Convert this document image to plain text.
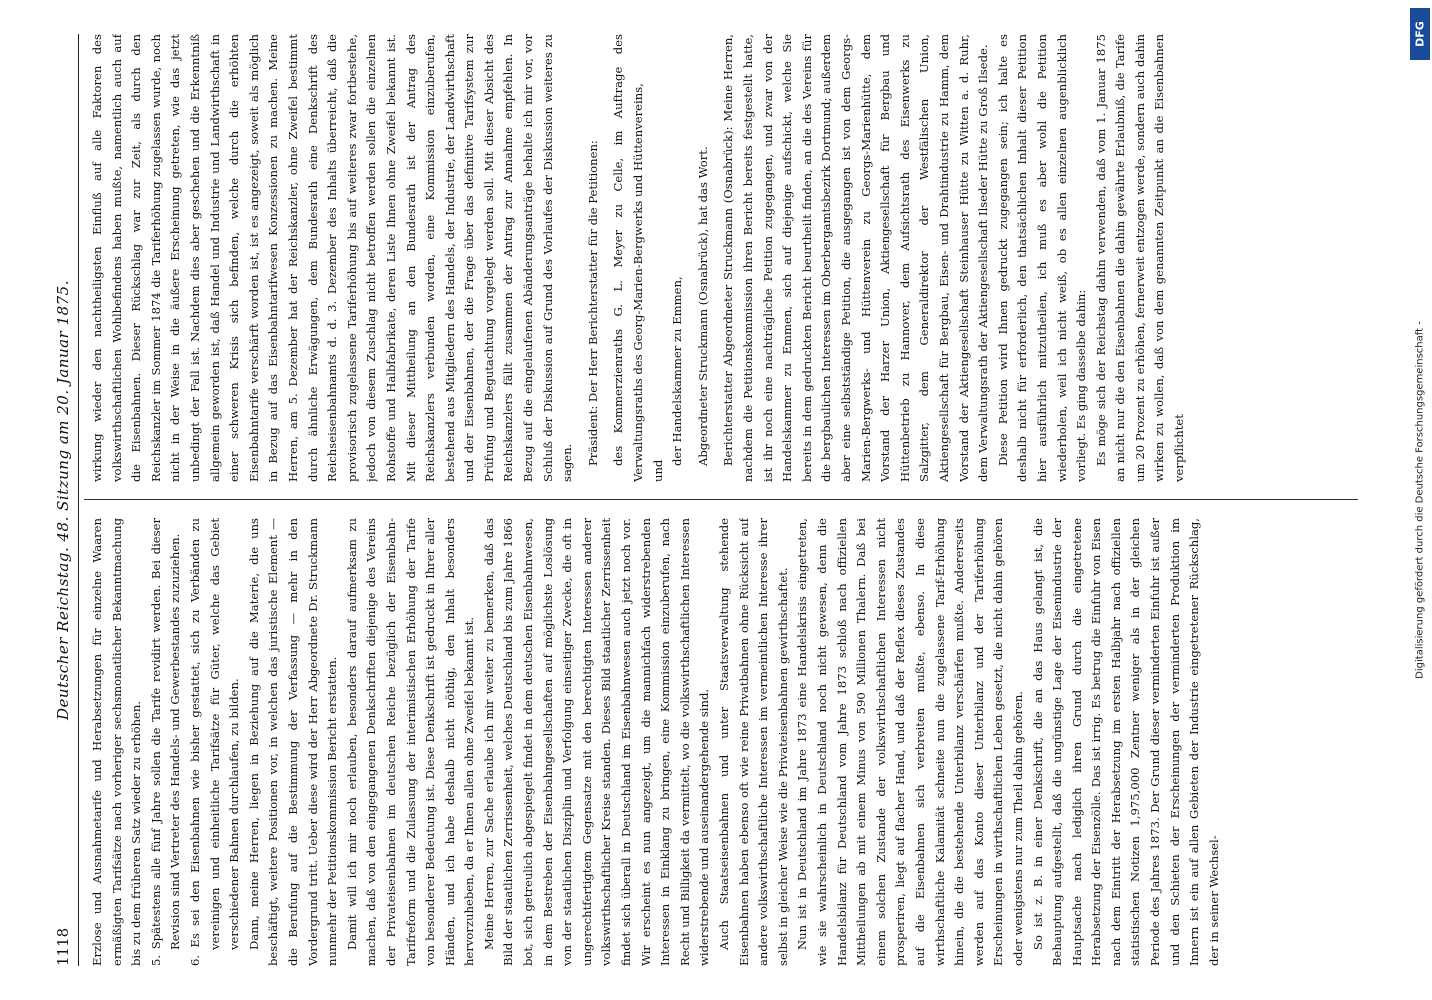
1118
Deutscher Reichstag. 48. Sitzung am 20. Januar 1875.

Erzlose und Ausnahmetarife und Herabsetzungen für einzelne Waaren ermäßigten Tarifsätze nach vorheriger sechsmonatlicher Bekanntmachung bis zu dem früheren Satz wieder zu erhöhen. 5. Spätestens alle fünf Jahre sollen die Tarife revidirt werden. Bei dieser Revision sind Vertreter des Handels- und Gewerbestandes zuzuziehen. 6. Es sei den Eisenbahnen wie bisher gestattet, sich zu Verbänden zu vereinigen und einheitliche Tarifsätze für Güter, welche das Gebiet verschiedener Bahnen durchlaufen, zu bilden. Dann, meine Herren, liegen in Beziehung auf die Materie, die uns beschäftigt, weitere Positionen vor, in welchen das juristische Element — die Berufung auf die Bestimmung der Verfassung — mehr in den Vordergrund tritt. Ueber diese wird der Herr Abgeordnete Dr. Struckmann nunmehr der Petitionskommission Bericht erstatten. Damit will ich mir noch erlauben, besonders darauf aufmerksam zu machen, daß von den eingegangenen Denkschriften diejenige des Vereins der Privateisenbahnen im deutschen Reiche bezüglich der Eisenbahn-Tarifreform und die Zulassung der interimistischen Erhöhung der Tarife von besonderer Bedeutung ist. Diese Denkschrift ist gedruckt in Ihrer aller Händen, und ich habe deshalb nicht nöthig, den Inhalt besonders hervorzuheben, da er Ihnen allen ohne Zweifel bekannt ist. Meine Herren, zur Sache erlaube ich mir weiter zu bemerken, daß das Bild der staatlichen Zerrissenheit, welches Deutschland bis zum Jahre 1866 bot, sich getreulich abgespiegelt findet in dem deutschen Eisenbahnwesen, in dem Bestreben der Eisenbahngesellschaften auf möglichste Loslösung von der staatlichen Disziplin und Verfolgung einseitiger Zwecke, die oft in ungerechtfertigtem Gegensatze mit den berechtigten Interessen anderer volkswirthschaftlicher Kreise standen. Dieses Bild staatlicher Zerrissenheit findet sich überall in Deutschland im Eisenbahnwesen auch jetzt noch vor. Wir erscheint es nun angezeigt, um die mannichfach widerstrebenden Interessen in Einklang zu bringen, eine Kommission einzuberufen, nach Recht und Billigkeit da vermittelt, wo die volkswirthschaftlichen Interessen widerstrebende und auseinandergehende sind. Auch Staatseisenbahnen und unter Staatsverwaltung stehende Eisenbahnen haben ebenso oft wie reine Privatbahnen ohne Rücksicht auf andere volkswirthschaftliche Interessen im vermeintlichen Interesse ihrer selbst in gleicher Weise wie die Privateisenbahnen gewirthschaftet. Nun ist in Deutschland im Jahre 1873 eine Handelskrisis eingetreten, wie sie wahrscheinlich in Deutschland noch nicht gewesen, denn die Handelsbilanz für Deutschland vom Jahre 1873 schloß nach offiziellen Mittheilungen ab mit einem Minus von 590 Millionen Thalern. Daß bei einem solchen Zustande der volkswirthschaftlichen Interessen nicht prosperiren, liegt auf flacher Hand, und daß der Reflex dieses Zustandes auf die Eisenbahnen sich verbreiten mußte, ebenso. In diese wirthschaftliche Kalamität schneite nun die zugelassene Tarif-Erhöhung hinein, die die bestehende Unterbilanz verschärfen mußte. Andererseits werden auf das Konto dieser Unterbilanz und der Tariferhöhung Erscheinungen in wirthschaftlichen Leben gesetzt, die nicht dahin gehören oder wenigstens nur zum Theil dahin gehören. So ist z. B. in einer Denkschrift, die an das Haus gelangt ist, die Behauptung aufgestellt, daß die ungünstige Lage der Eisenindustrie der Hauptsache nach lediglich ihren Grund durch die eingetretene Herabsetzung der Eisenzölle. Das ist irrig. Es betrug die Einfuhr von Eisen nach dem Eintritt der Herabsetzung im ersten Halbjahr nach offiziellen statistischen Notizen 1,975,000 Zentner weniger als in der gleichen Periode des Jahres 1873. Der Grund dieser verminderten Einfuhr ist außer und den Schieten der Erscheinungen der verminderten Produktion im Innern ist ein auf allen Gebieten der Industrie eingetretener Rückschlag, der in seiner Wechsel-

wirkung wieder den nachtheiligsten Einfluß auf alle Faktoren des volkswirthschaftlichen Wohlbefindens haben mußte, namentlich auch auf die Eisenbahnen. Dieser Rückschlag war zur Zeit, als durch den Reichskanzler im Sommer 1874 die Tariferhöhung zugelassen wurde, noch nicht in der Weise in die äußere Erscheinung getreten, wie das jetzt unbedingt der Fall ist. Nachdem dies aber geschehen und die Erkenntniß allgemein geworden ist, daß Handel und Industrie und Landwirthschaft in einer schweren Krisis sich befinden, welche durch die erhöhten Eisenbahntarife verschärft worden ist, ist es angezeigt, soweit als möglich in Bezug auf das Eisenbahntarifwesen Konzessionen zu machen. Meine Herren, am 5. Dezember hat der Reichskanzler, ohne Zweifel bestimmt durch ähnliche Erwägungen, dem Bundesrath eine Denkschrift des Reichseisenbahnamts d. d. 3. Dezember des Inhalts überreicht, daß die provisorisch zugelassene Tariferhöhung bis auf weiteres zwar fortbestehe, jedoch von diesem Zuschlag nicht betroffen werden sollen die einzelnen Rohstoffe und Halbfabrikate, deren Liste Ihnen ohne Zweifel bekannt ist. Mit dieser Mittheilung an den Bundesrath ist der Antrag des Reichskanzlers verbunden worden, eine Kommission einzuberufen, bestehend aus Mitgliedern des Handels, der Industrie, der Landwirthschaft und der Eisenbahnen, der die Frage über das definitive Tarifsystem zur Prüfung und Begutachtung vorgelegt werden soll. Mit dieser Absicht des Reichskanzlers fällt zusammen der Antrag zur Annahme empfehlen. In Bezug auf die eingelaufenen Abänderungsanträge behalte ich mir vor, vor Schluß der Diskussion auf Grund des Vorlaufes der Diskussion weiteres zu sagen. Präsident: Der Herr Berichterstatter für die Petitionen: des Kommerzienraths G. L. Meyer zu Celle, im Auftrage des Verwaltungsraths des Georg-Marien-Bergwerks und Hüttenvereins, und

der Handelskammer zu Emmen, Abgeordneter Struckmann (Osnabrück), hat das Wort. Berichterstatter Abgeordneter Struckmann (Osnabrück): Meine Herren, nachdem die Petitionskommission ihren Bericht bereits festgestellt hatte, ist ihr noch eine nachträgliche Petition zugegangen, und zwar von der Handelskammer zu Emmen, sich auf diejenige aufschickt, welche Sie bereits in dem gedruckten Bericht beurtheilt finden, an die des Vereins für die bergbaulichen Interessen im Oberbergamtsbezirk Dortmund; außerdem aber eine selbstständige Petition, die ausgegangen ist von dem Georgs-Marien-Bergwerks- und Hüttenverein zu Georgs-Marienhütte, dem Vorstand der Harzer Union, Aktiengesellschaft für Bergbau und Hüttenbetrieb zu Hannover, dem Aufsichtsrath des Eisenwerks zu Salzgitter, dem Generaldirektor der Westfälischen Union, Aktiengesellschaft für Bergbau, Eisen- und Drahtindustrie zu Hamm, dem Vorstand der Aktiengesellschaft Steinhauser Hütte zu Witten a. d. Ruhr, dem Verwaltungsrath der Aktiengesellschaft Ilseder Hütte zu Groß Ilsede. Diese Petition wird Ihnen gedruckt zugegangen sein; ich halte es deshalb nicht für erforderlich, den thatsächlichen Inhalt dieser Petition hier ausführlich mitzutheilen, ich muß es aber wohl die Petition wiederholen, weil ich nicht weiß, ob es allen einzelnen augenblicklich vorliegt. Es ging dasselbe dahin: Es möge sich der Reichstag dahin verwenden, daß vom 1. Januar 1875 an nicht nur die den Eisenbahnen die dahin gewährte Erlaubniß, die Tarife um 20 Prozent zu erhöhen, fernerweit entzogen werde, sondern auch dahin wirken zu wollen, daß von dem genannten Zeitpunkt an die Eisenbahnen verpflichtet

DFG
Digitalisierung gefördert durch die Deutsche Forschungsgemeinschaft -
